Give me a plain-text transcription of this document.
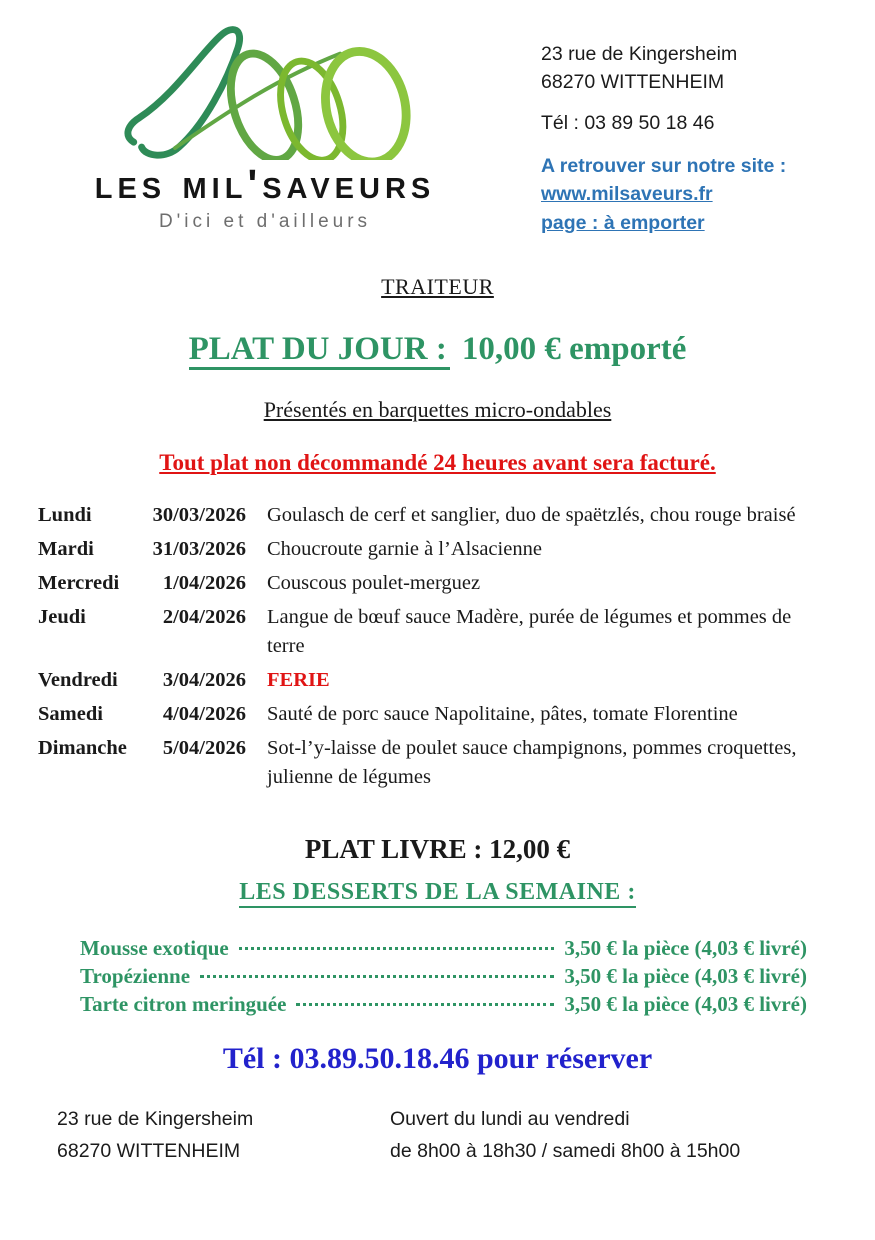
les mil'saveurs
D'ici et d'ailleurs

23 rue de Kingersheim

68270 WITTENHEIM

Tél : 03 89 50 18 46

A retrouver sur notre site :

www.milsaveurs.fr
page : à emporter
TRAITEUR
PLAT DU JOUR : 10,00 € emporté
Présentés en barquettes micro-ondables
Tout plat non décommandé 24 heures avant sera facturé.
Lundi	30/03/2026	Goulasch de cerf et sanglier, duo de spaëtzlés, chou rouge braisé
Mardi	31/03/2026	Choucroute garnie à l’Alsacienne
Mercredi	1/04/2026	Couscous poulet-merguez
Jeudi	2/04/2026	Langue de bœuf sauce Madère, purée de légumes et pommes de terre
Vendredi	3/04/2026	FERIE
Samedi	4/04/2026	Sauté de porc sauce Napolitaine, pâtes, tomate Florentine
Dimanche	5/04/2026	Sot-l’y-laisse de poulet sauce champignons, pommes croquettes, julienne de légumes
PLAT LIVRE : 12,00 €
LES DESSERTS DE LA SEMAINE :
Mousse exotique	3,50 € la pièce (4,03 € livré)
Tropézienne	3,50 € la pièce (4,03 € livré)
Tarte citron meringuée	3,50 € la pièce (4,03 € livré)
Tél : 03.89.50.18.46 pour réserver

23 rue de Kingersheim

68270 WITTENHEIM

Ouvert du lundi au vendredi

de 8h00 à 18h30 / samedi 8h00 à 15h00
